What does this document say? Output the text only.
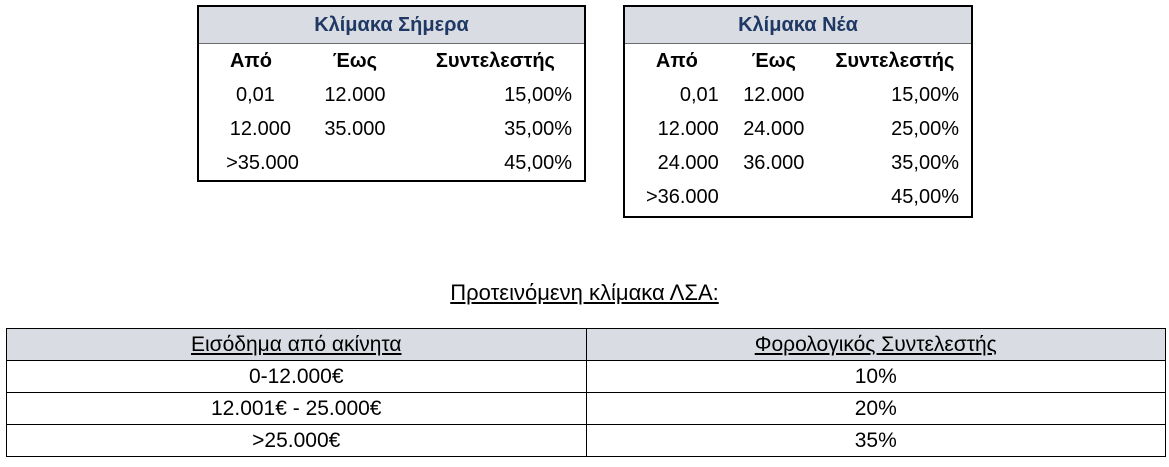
Κλίμακα Σήμερα
Από	Έως	Συντελεστής
0,01	12.000	15,00%
12.000	35.000	35,00%
>35.000		45,00%
Κλίμακα Νέα
Από	Έως	Συντελεστής
0,01	12.000	15,00%
12.000	24.000	25,00%
24.000	36.000	35,00%
>36.000		45,00%
Προτεινόμενη κλίμακα ΛΣΑ:
Εισόδημα από ακίνητα	Φορολογικός Συντελεστής
0-12.000€	10%
12.001€ - 25.000€	20%
>25.000€	35%
